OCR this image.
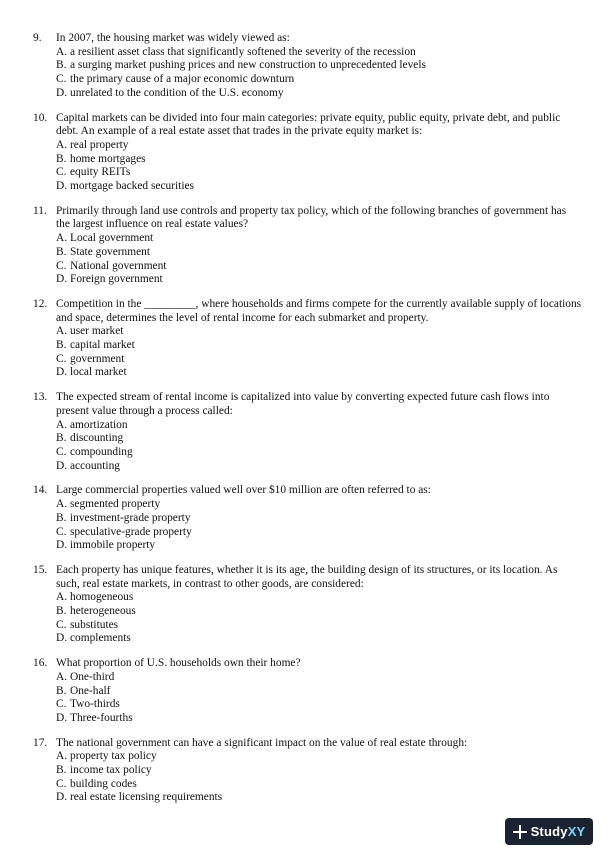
9. In 2007, the housing market was widely viewed as:
A. a resilient asset class that significantly softened the severity of the recession
B. a surging market pushing prices and new construction to unprecedented levels
C. the primary cause of a major economic downturn
D. unrelated to the condition of the U.S. economy
10. Capital markets can be divided into four main categories: private equity, public equity, private debt, and public debt. An example of a real estate asset that trades in the private equity market is:
A. real property
B. home mortgages
C. equity REITs
D. mortgage backed securities
11. Primarily through land use controls and property tax policy, which of the following branches of government has the largest influence on real estate values?
A. Local government
B. State government
C. National government
D. Foreign government
12. Competition in the _________, where households and firms compete for the currently available supply of locations and space, determines the level of rental income for each submarket and property.
A. user market
B. capital market
C. government
D. local market
13. The expected stream of rental income is capitalized into value by converting expected future cash flows into present value through a process called:
A. amortization
B. discounting
C. compounding
D. accounting
14. Large commercial properties valued well over $10 million are often referred to as:
A. segmented property
B. investment-grade property
C. speculative-grade property
D. immobile property
15. Each property has unique features, whether it is its age, the building design of its structures, or its location. As such, real estate markets, in contrast to other goods, are considered:
A. homogeneous
B. heterogeneous
C. substitutes
D. complements
16. What proportion of U.S. households own their home?
A. One-third
B. One-half
C. Two-thirds
D. Three-fourths
17. The national government can have a significant impact on the value of real estate through:
A. property tax policy
B. income tax policy
C. building codes
D. real estate licensing requirements
StudyXY
